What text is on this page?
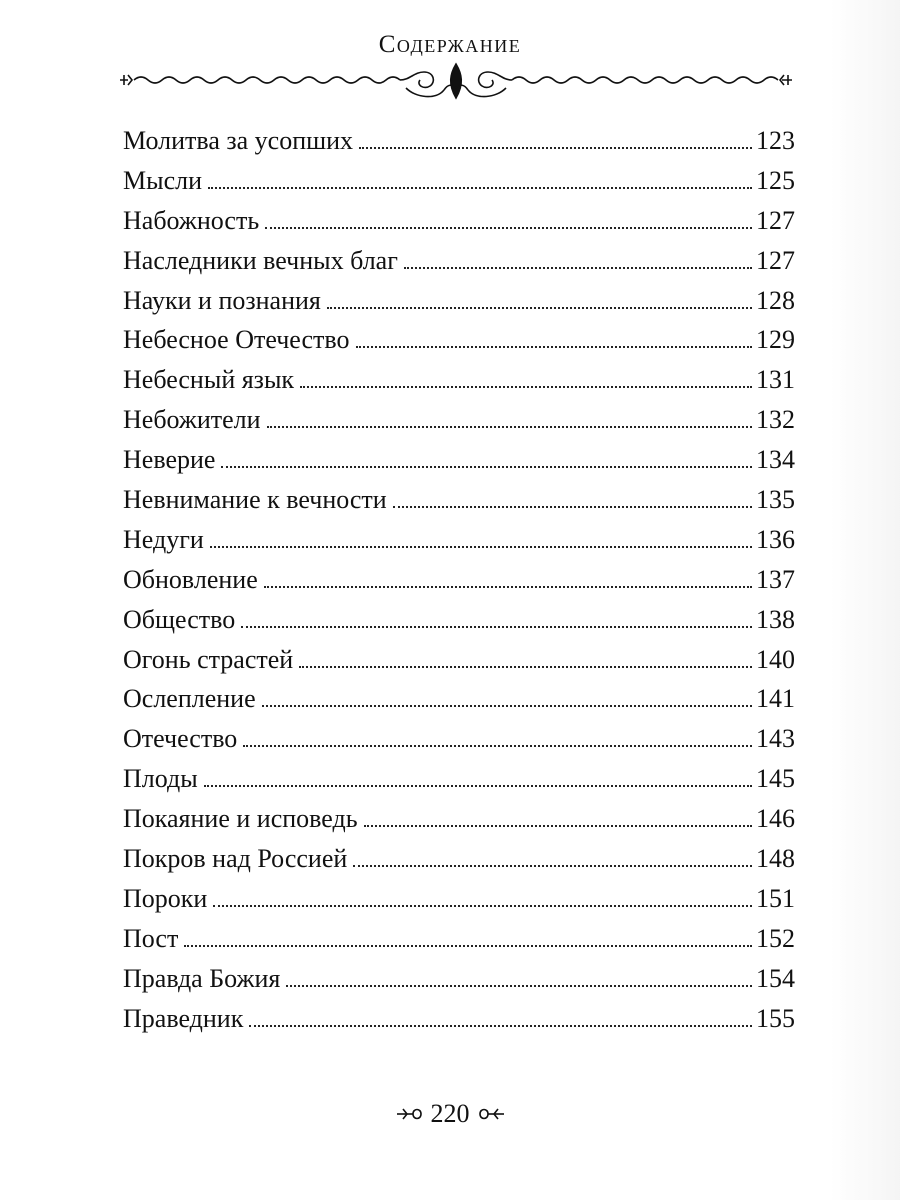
Содержание
Молитва за усопших	123
Мысли	125
Набожность	127
Наследники вечных благ	127
Науки и познания	128
Небесное Отечество	129
Небесный язык	131
Небожители	132
Неверие	134
Невнимание к вечности	135
Недуги	136
Обновление	137
Общество	138
Огонь страстей	140
Ослепление	141
Отечество	143
Плоды	145
Покаяние и исповедь	146
Покров над Россией	148
Пороки	151
Пост	152
Правда Божия	154
Праведник	155
220
